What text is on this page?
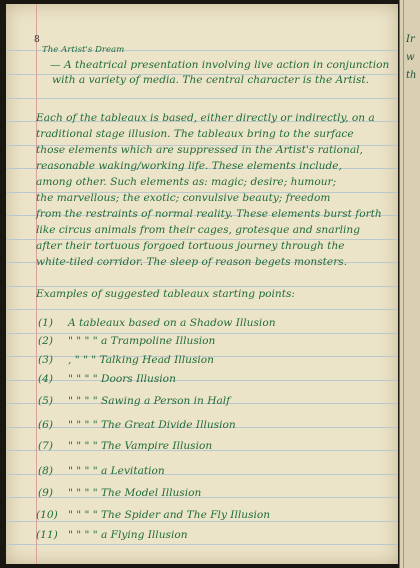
8
The Artist's Dream
— A theatrical presentation involving live action in conjunction
with a variety of media. The central character is the Artist.
Each of the tableaux is based, either directly or indirectly, on a
traditional stage illusion. The tableaux bring to the surface
those elements which are suppressed in the Artist's rational,
reasonable waking/working life. These elements include,
among other. Such elements as: magic; desire; humour;
the marvellous; the exotic; convulsive beauty; freedom
from the restraints of normal reality. These elements burst forth
like circus animals from their cages, grotesque and snarling
after their tortuous forgoed tortuous journey through the
white-tiled corridor. The sleep of reason begets monsters.
Examples of suggested tableaux starting points:
(1) A tableaux based on a Shadow Illusion
(2) " " " " a Trampoline Illusion
(3) , " " " Talking Head Illusion
(4) " " " " Doors Illusion
(5) " " " " Sawing a Person in Half
(6) " " " " The Great Divide Illusion
(7) " " " " The Vampire Illusion
(8) " " " " a Levitation
(9) " " " " The Model Illusion
(10) " " " " The Spider and The Fly Illusion
(11) " " " " a Flying Illusion
Ir
w
th
